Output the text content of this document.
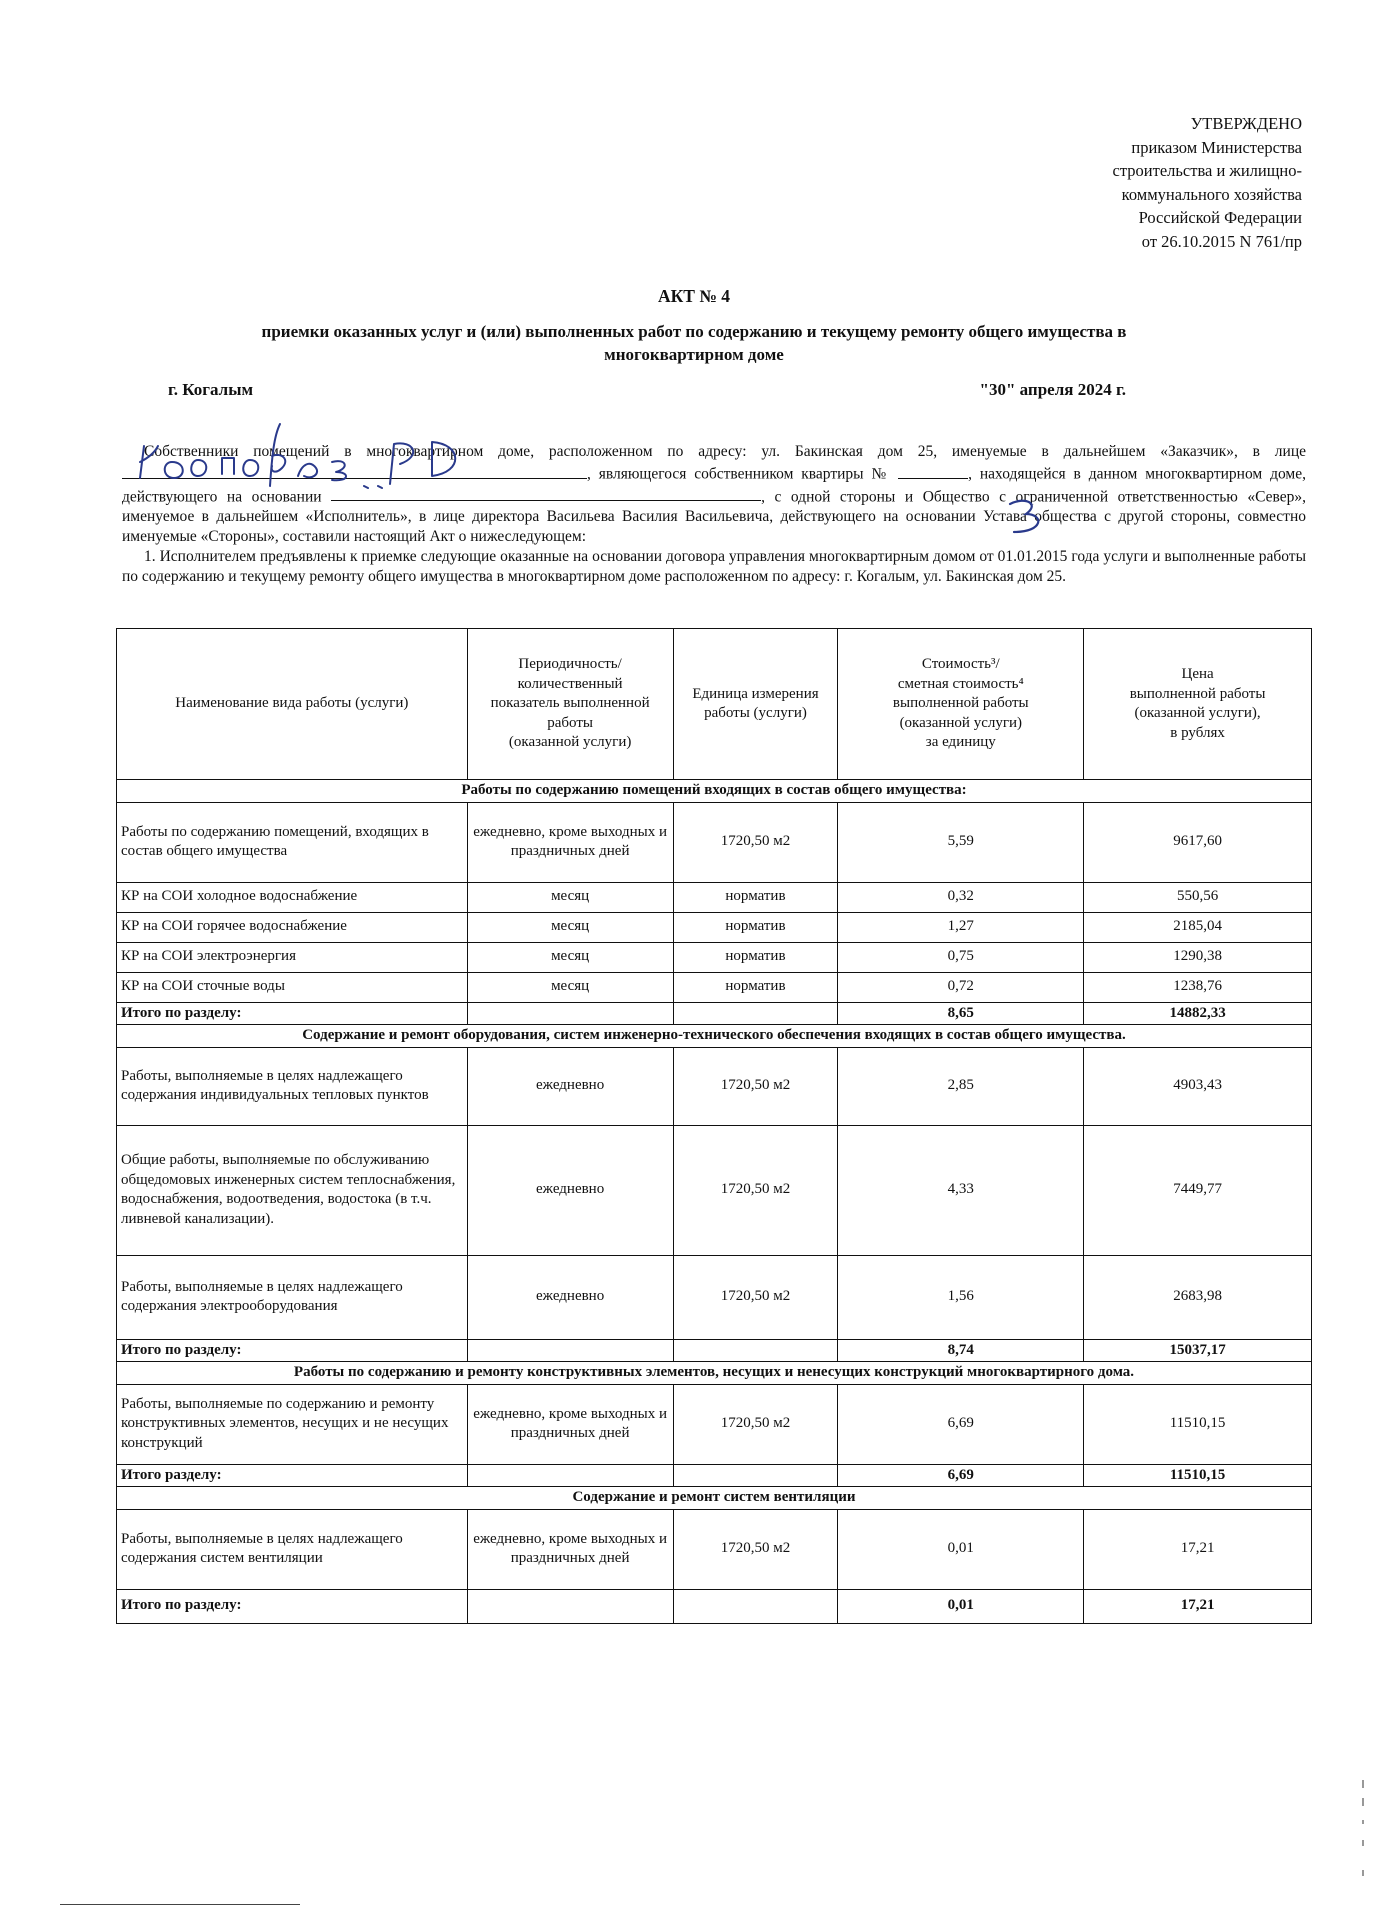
УТВЕРЖДЕНО
приказом Министерства
строительства и жилищно-
коммунального хозяйства
Российской Федерации
от 26.10.2015 N 761/пр
АКТ № 4
приемки оказанных услуг и (или) выполненных работ по содержанию и текущему ремонту общего имущества в
многоквартирном доме
г. Когалым	"30" апреля 2024 г.

Собственники помещений в многоквартирном доме, расположенном по адресу: ул. Бакинская дом 25, именуемые в дальнейшем «Заказчик», в лице , являющегося собственником квартиры №	, находящейся в данном многоквартирном доме, действующего на основании	, с одной стороны и Общество с ограниченной ответственностью «Север», именуемое в дальнейшем «Исполнитель», в лице директора Васильева Василия Васильевича, действующего на основании Устава общества с другой стороны, совместно именуемые «Стороны», составили настоящий Акт о нижеследующем:

1. Исполнителем предъявлены к приемке следующие оказанные на основании договора управления многоквартирным домом от 01.01.2015 года услуги и выполненные работы по содержанию и текущему ремонту общего имущества в многоквартирном доме расположенном по адресу: г. Когалым, ул. Бакинская дом 25.

Наименование вида работы (услуги)	Периодичность/
количественный
показатель выполненной
работы
(оказанной услуги)	Единица измерения
работы (услуги)	Стоимость³/
сметная стоимость⁴
выполненной работы
(оказанной услуги)
за единицу	Цена
выполненной работы
(оказанной услуги),
в рублях
Работы по содержанию помещений входящих в состав общего имущества:				
Работы по содержанию помещений, входящих в состав общего имущества	ежедневно, кроме выходных и праздничных дней	1720,50 м2	5,59	9617,60
КР на СОИ холодное водоснабжение	месяц	норматив	0,32	550,56
КР на СОИ горячее водоснабжение	месяц	норматив	1,27	2185,04
КР на СОИ электроэнергия	месяц	норматив	0,75	1290,38
КР на СОИ сточные воды	месяц	норматив	0,72	1238,76
Итого по разделу:			8,65	14882,33
Содержание и ремонт оборудования, систем инженерно-технического обеспечения входящих в состав общего имущества.				
Работы, выполняемые в целях надлежащего содержания индивидуальных тепловых пунктов	ежедневно	1720,50 м2	2,85	4903,43
Общие работы, выполняемые по обслуживанию общедомовых инженерных систем теплоснабжения, водоснабжения, водоотведения, водостока (в т.ч. ливневой канализации).	ежедневно	1720,50 м2	4,33	7449,77
Работы, выполняемые в целях надлежащего содержания электрооборудования	ежедневно	1720,50 м2	1,56	2683,98
Итого по разделу:			8,74	15037,17
Работы по содержанию и ремонту конструктивных элементов, несущих и ненесущих конструкций многоквартирного дома.				
Работы, выполняемые по содержанию и ремонту конструктивных элементов, несущих и не несущих конструкций	ежедневно, кроме выходных и праздничных дней	1720,50 м2	6,69	11510,15
Итого разделу:			6,69	11510,15
Содержание и ремонт систем вентиляции				
Работы, выполняемые в целях надлежащего содержания систем вентиляции	ежедневно, кроме выходных и праздничных дней	1720,50 м2	0,01	17,21
Итого по разделу:			0,01	17,21
